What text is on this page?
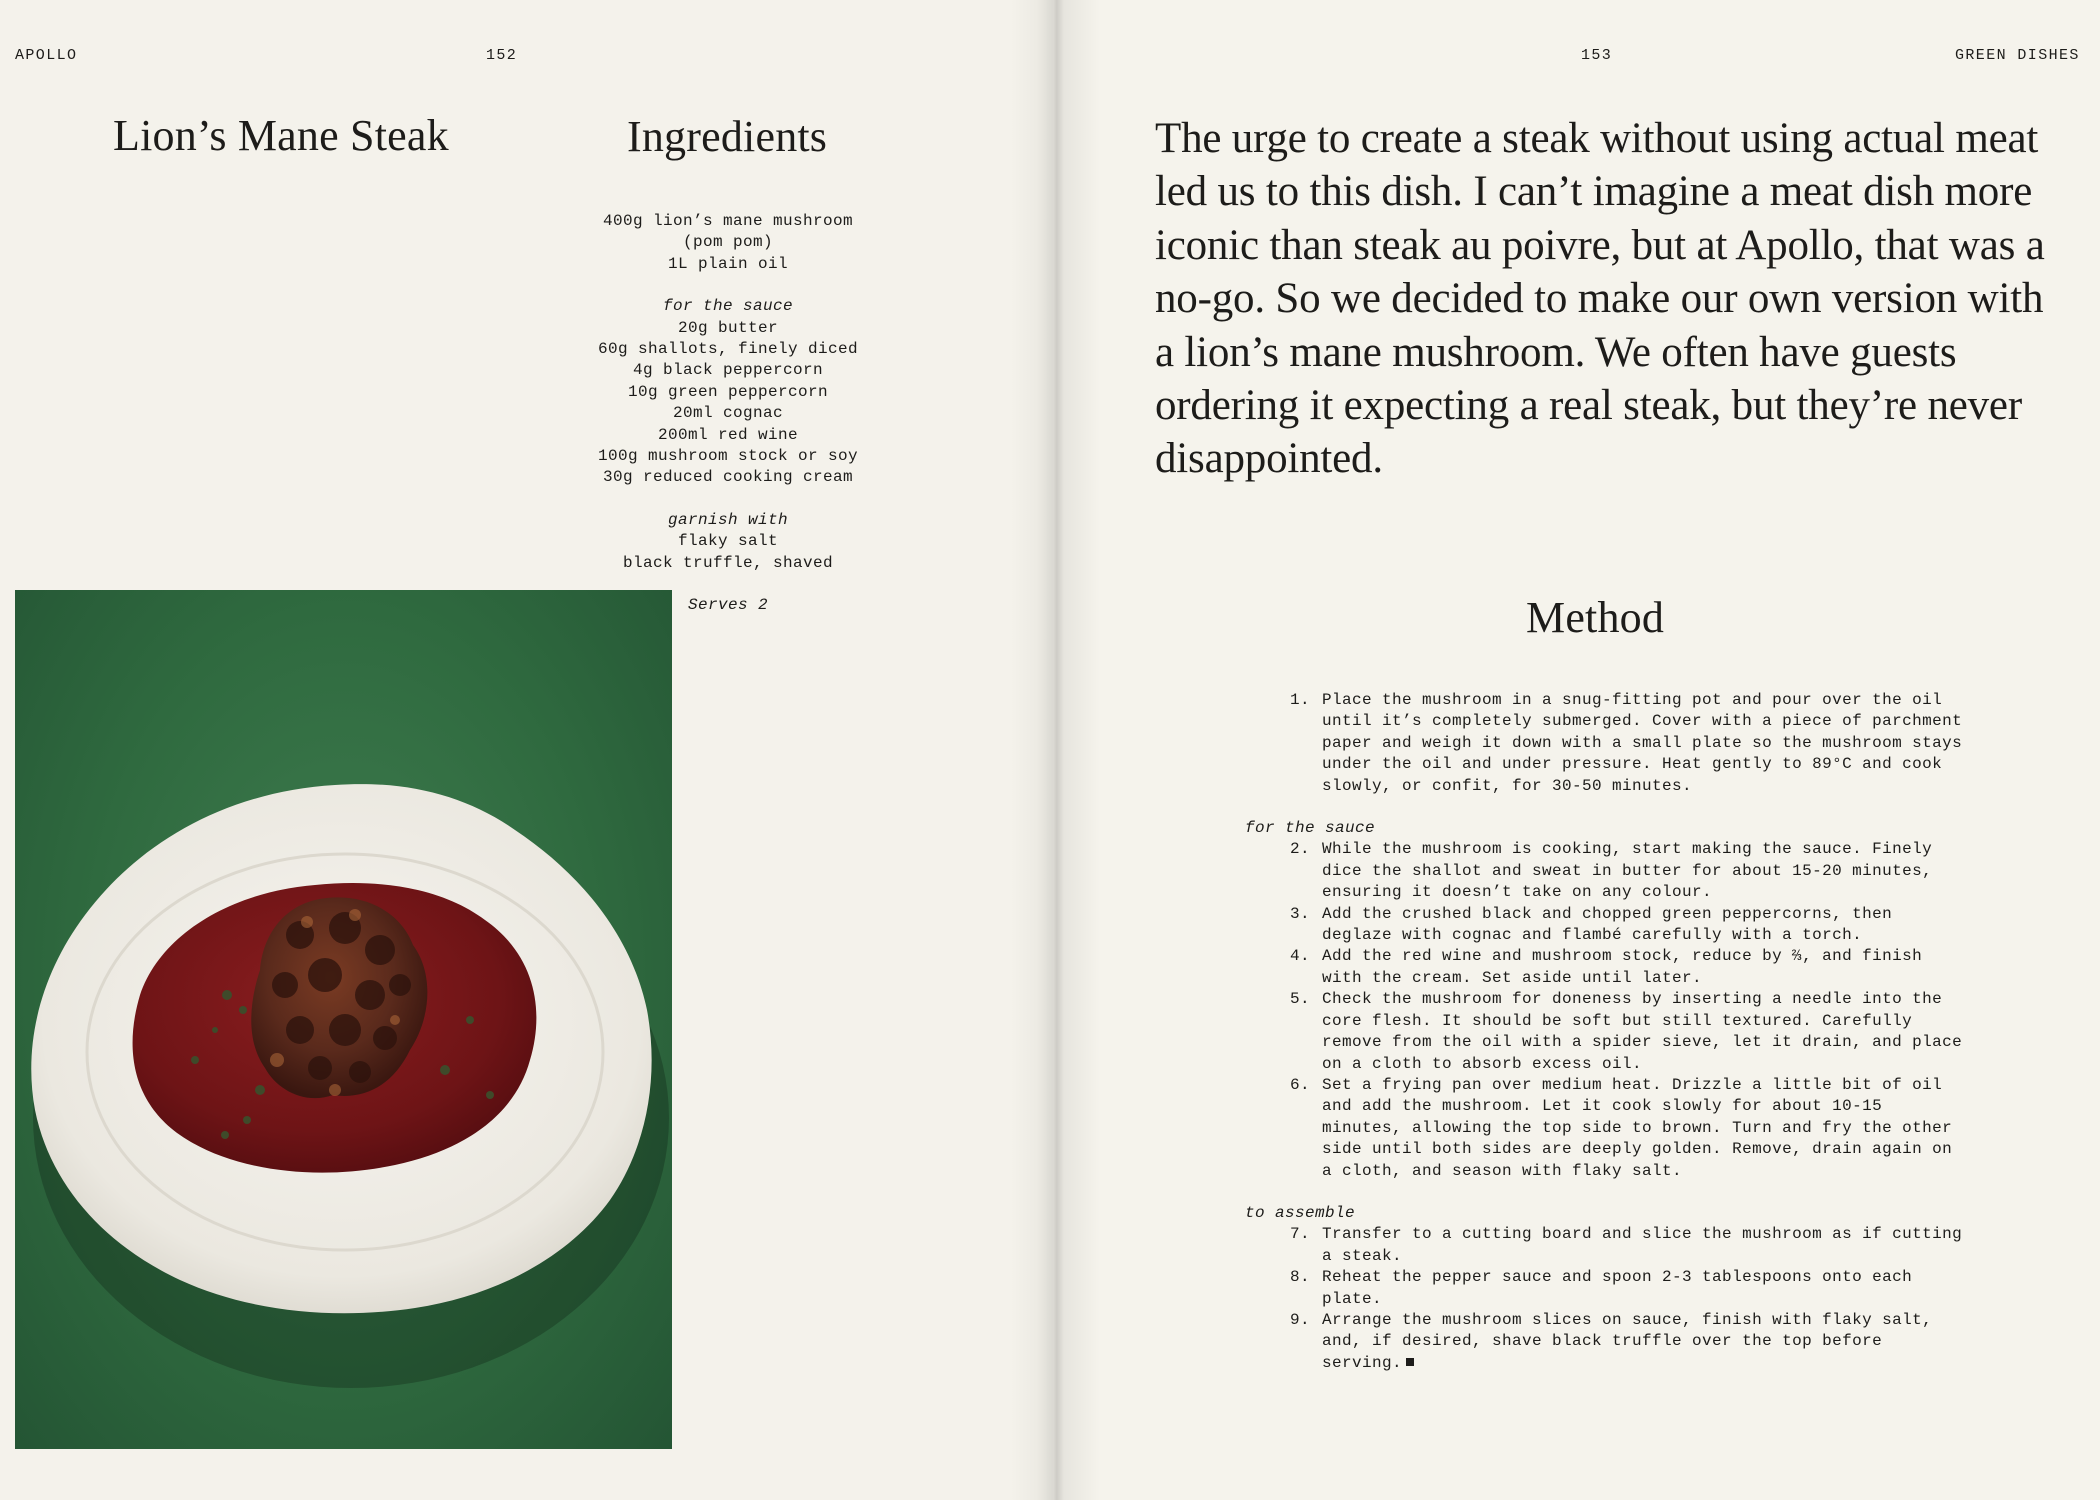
APOLLO	152
Lion’s Mane Steak	Ingredients
400g lion’s mane mushroom
(pom pom)
1L plain oil
for the sauce
20g butter
60g shallots, finely diced
4g black peppercorn
10g green peppercorn
20ml cognac
200ml red wine
100g mushroom stock or soy
30g reduced cooking cream
garnish with
flaky salt
black truffle, shaved
Serves 2
153	GREEN DISHES

The urge to create a steak without using actual meat led us to this dish. I can’t imagine a meat dish more iconic than steak au poivre, but at Apollo, that was a no-go. So we decided to make our own version with a lion’s mane mushroom. We often have guests ordering it expecting a real steak, but they’re never disappointed.

Method
1. Place the mushroom in a snug-fitting pot and pour over the oil until it’s completely submerged. Cover with a piece of parchment paper and weigh it down with a small plate so the mushroom stays under the oil and under pressure. Heat gently to 89°C and cook slowly, or confit, for 30-50 minutes.
for the sauce
2. While the mushroom is cooking, start making the sauce. Finely dice the shallot and sweat in butter for about 15-20 minutes, ensuring it doesn’t take on any colour.
3. Add the crushed black and chopped green peppercorns, then deglaze with cognac and flambé carefully with a torch.
4. Add the red wine and mushroom stock, reduce by ⅔, and finish with the cream. Set aside until later.
5. Check the mushroom for doneness by inserting a needle into the core flesh. It should be soft but still textured. Carefully remove from the oil with a spider sieve, let it drain, and place on a cloth to absorb excess oil.
6. Set a frying pan over medium heat. Drizzle a little bit of oil and add the mushroom. Let it cook slowly for about 10-15 minutes, allowing the top side to brown. Turn and fry the other side until both sides are deeply golden. Remove, drain again on a cloth, and season with flaky salt.
to assemble
7. Transfer to a cutting board and slice the mushroom as if cutting a steak.
8. Reheat the pepper sauce and spoon 2-3 tablespoons onto each plate.
9. Arrange the mushroom slices on sauce, finish with flaky salt, and, if desired, shave black truffle over the top before serving.
